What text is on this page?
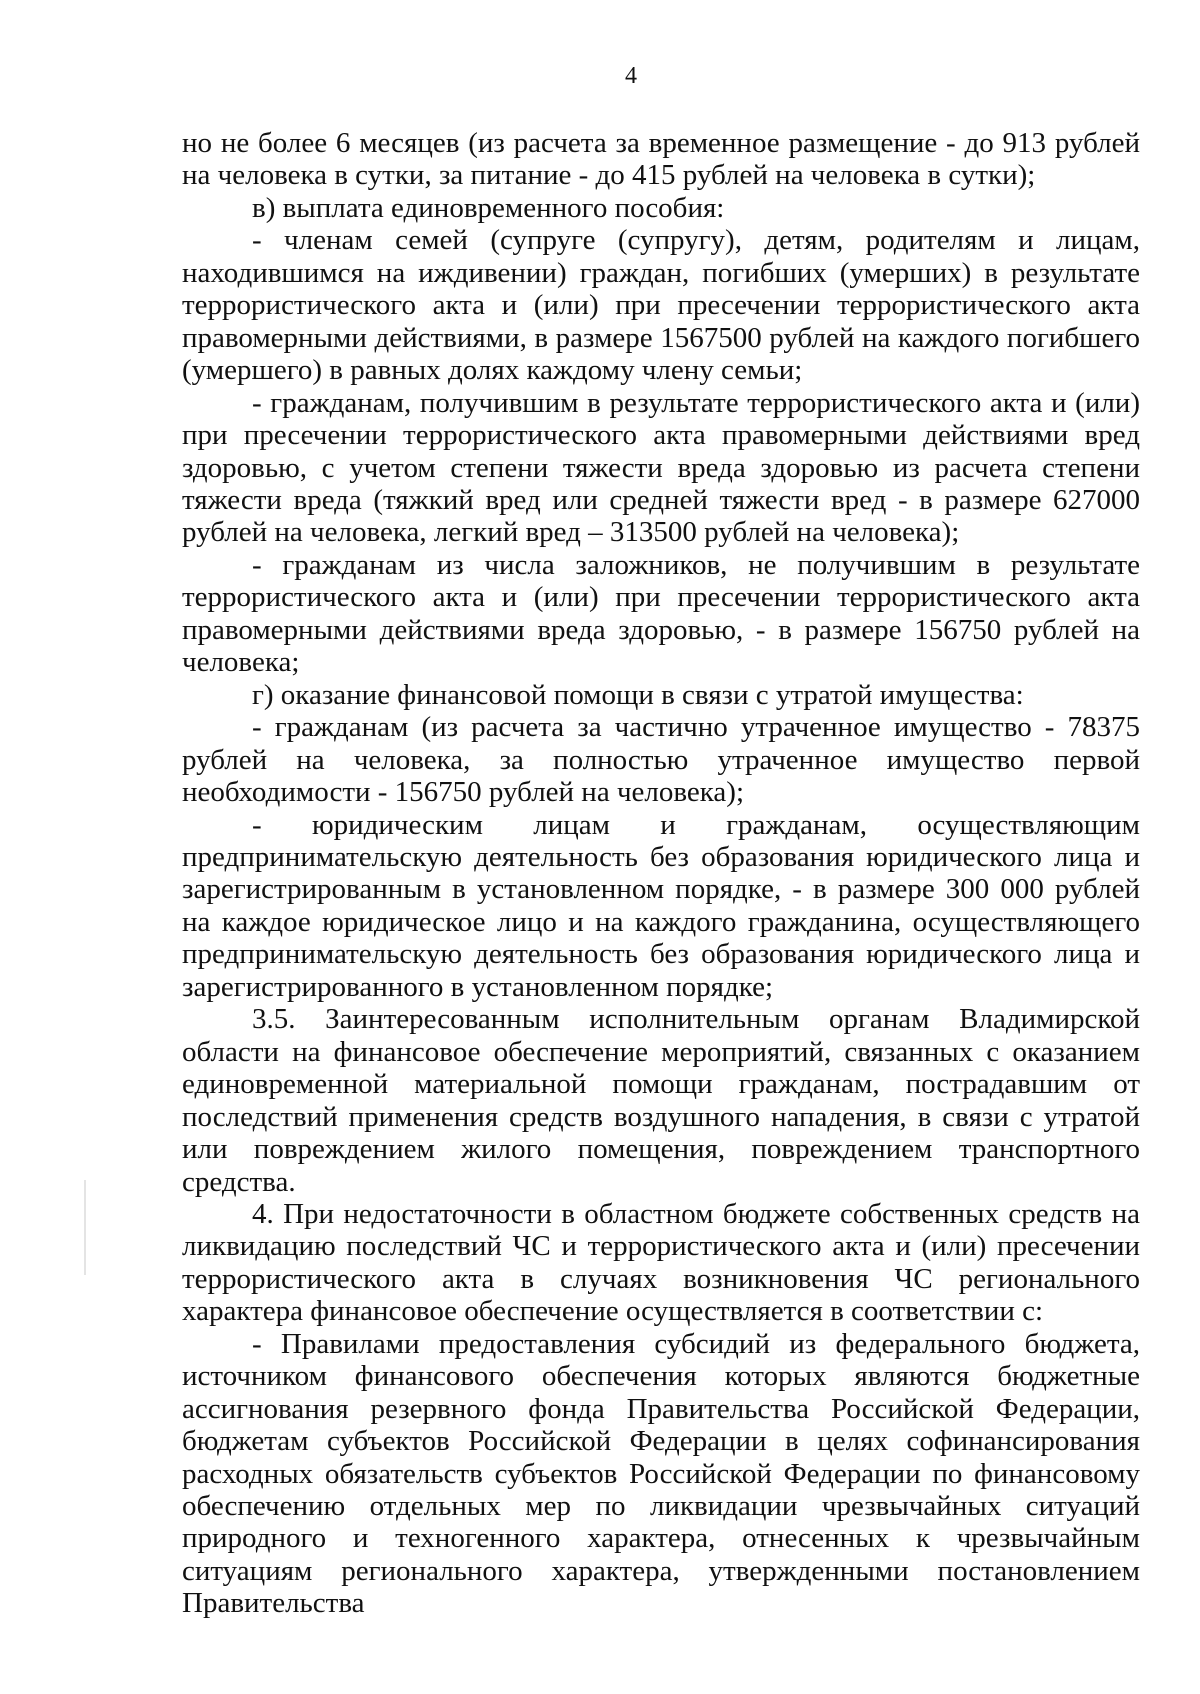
4

но не более 6 месяцев (из расчета за временное размещение - до 913 рублей на человека в сутки, за питание - до 415 рублей на человека в сутки);

в) выплата единовременного пособия:

- членам семей (супруге (супругу), детям, родителям и лицам, находившимся на иждивении) граждан, погибших (умерших) в результате террористического акта и (или) при пресечении террористического акта правомерными действиями, в размере 1567500 рублей на каждого погибшего (умершего) в равных долях каждому члену семьи;

- гражданам, получившим в результате террористического акта и (или) при пресечении террористического акта правомерными действиями вред здоровью, с учетом степени тяжести вреда здоровью из расчета степени тяжести вреда (тяжкий вред или средней тяжести вред - в размере 627000 рублей на человека, легкий вред – 313500 рублей на человека);

- гражданам из числа заложников, не получившим в результате террористического акта и (или) при пресечении террористического акта правомерными действиями вреда здоровью, - в размере 156750 рублей на человека;

г) оказание финансовой помощи в связи с утратой имущества:

- гражданам (из расчета за частично утраченное имущество - 78375 рублей на человека, за полностью утраченное имущество первой необходимости - 156750 рублей на человека);

- юридическим лицам и гражданам, осуществляющим предпринимательскую деятельность без образования юридического лица и зарегистрированным в установленном порядке, - в размере 300 000 рублей на каждое юридическое лицо и на каждого гражданина, осуществляющего предпринимательскую деятельность без образования юридического лица и зарегистрированного в установленном порядке;

3.5. Заинтересованным исполнительным органам Владимирской области на финансовое обеспечение мероприятий, связанных с оказанием единовременной материальной помощи гражданам, пострадавшим от последствий применения средств воздушного нападения, в связи с утратой или повреждением жилого помещения, повреждением транспортного средства.

4. При недостаточности в областном бюджете собственных средств на ликвидацию последствий ЧС и террористического акта и (или) пресечении террористического акта в случаях возникновения ЧС регионального характера финансовое обеспечение осуществляется в соответствии с:

- Правилами предоставления субсидий из федерального бюджета, источником финансового обеспечения которых являются бюджетные ассигнования резервного фонда Правительства Российской Федерации, бюджетам субъектов Российской Федерации в целях софинансирования расходных обязательств субъектов Российской Федерации по финансовому обеспечению отдельных мер по ликвидации чрезвычайных ситуаций природного и техногенного характера, отнесенных к чрезвычайным ситуациям регионального характера, утвержденными постановлением Правительства
